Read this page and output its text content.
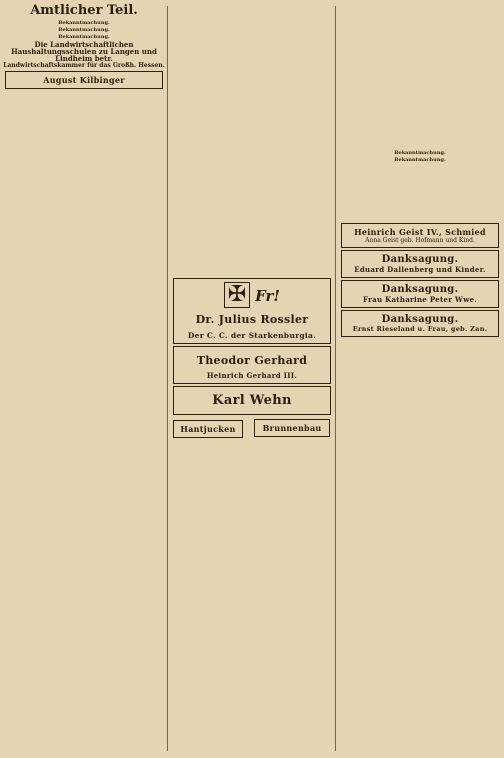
Amtlicher Teil.
Bekanntmachung.
Bekanntmachung.
Bekanntmachung.
Die Landwirtschaftlichen Haushaltungsschulen zu Langen und Lindheim betr.
Landwirtschaftskammer für das Großh. Hessen.
August Kilbinger
✠ Fr!
Dr. Julius Rossler
Der C. C. der Starkenburgia.
Theodor Gerhard
Heinrich Gerhard III.
Karl Wehn
Hantjucken
	Brunnenbau
Bekanntmachung.
Bekanntmachung.
Heinrich Geist IV., Schmied
Anna Geist geb. Hofmann und Kind.
Danksagung.
Eduard Dallenberg und Kinder.
Danksagung.
Frau Katharine Peter Wwe.
Danksagung.
Ernst Rieseland u. Frau, geb. Zan.
